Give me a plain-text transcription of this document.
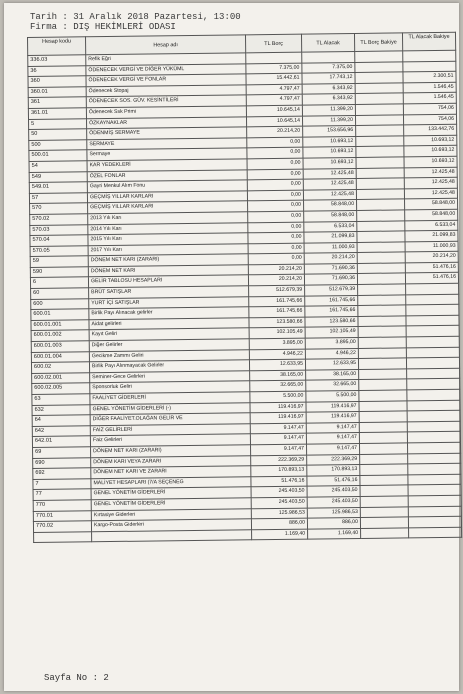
Tarih : 31 Aralık 2018 Pazartesi, 13:00
Firma : DIŞ HEKİMLERİ ODASI
Hesap kodu	Hesap adı	TL Borç	TL Alacak	TL Borç Bakiye	TL Alacak Bakiye
336.03	Refik Eğri				
36	ÖDENECEK VERGİ VE DİĞER YÜKÜML	7.375,00	7.375,00		
360	ÖDENECEK VERGİ VE FONLAR	15.442,61	17.743,12		2.300,51
360.01	Ödenecek Stopaj	4.797,47	6.343,92		1.546,45
361	ÖDENECEK SOS. GÜV. KESİNTİLERİ	4.797,47	6.343,92		1.546,45
361.01	Ödenecek Ssk Primi	10.645,14	11.399,20		754,06
5	ÖZKAYNAKLAR	10.645,14	11.399,20		754,06
50	ÖDENMİŞ SERMAYE	20.214,20	153.656,96		133.442,76
500	SERMAYE	0,00	10.693,12		10.693,12
500.01	Sermaye	0,00	10.693,12		10.693,12
54	KAR YEDEKLERİ	0,00	10.693,12		10.693,12
549	ÖZEL FONLAR	0,00	12.425,48		12.425,48
549.01	Gayri Menkul Alım Fonu	0,00	12.425,48		12.425,48
57	GEÇMİŞ YILLAR KARLARI	0,00	12.425,48		12.425,48
570	GEÇMİŞ YILLAR KARLARI	0,00	58.848,00		58.848,00
570.02	2013 Yılı Karı	0,00	58.848,00		58.848,00
570.03	2014 Yılı Karı	0,00	6.533,04		6.533,04
570.04	2015 Yılı Karı	0,00	21.099,83		21.099,83
570.05	2017 Yılı Karı	0,00	11.000,93		11.000,93
59	DÖNEM NET KARI (ZARARI)	0,00	20.214,20		20.214,20
590	DÖNEM NET KARI	20.214,20	71.690,36		51.476,16
6	GELİR TABLOSU HESAPLARI	20.214,20	71.690,36		51.476,16
60	BRÜT SATIŞLAR	512.679,39	512.679,39		
600	YURT İÇİ SATIŞLAR	161.745,66	161.745,66		
600.01	Birlik Payı Alınacak gelirler	161.745,66	161.745,66		
600.01.001	Aidat gelirleri	123.580,66	123.580,66		
600.01.002	Kayıt Geliri	102.105,49	102.105,49		
600.01.003	Diğer Gelirler	3.895,00	3.895,00		
600.01.004	Gecikme Zammı Geliri	4.946,22	4.946,22		
600.02	Birlik Payı Alınmayacak Gelirler	12.633,95	12.633,95		
600.02.001	Seminer-Gece Gelirleri	38.165,00	38.165,00		
600.02.005	Sponsorluk Geliri	32.665,00	32.665,00		
63	FAALİYET GİDERLERİ	5.500,00	5.500,00		
632	GENEL YÖNETİM GİDERLERİ (-)	119.416,97	119.416,97		
64	DİĞER FAALİYET.OLAĞAN GELİR VE	119.416,97	119.416,97		
642	FAİZ GELİRLERİ	9.147,47	9.147,47		
642.01	Faiz Gelirleri	9.147,47	9.147,47		
69	DÖNEM NET KARI (ZARARI)	9.147,47	9.147,47		
690	DÖNEM KARI VEYA ZARARI	222.369,29	222.369,29		
692	DÖNEM NET KARI VE ZARARI	170.893,13	170.893,13		
7	MALİYET HESAPLARI (7/A SEÇENEG	51.476,16	51.476,16		
77	GENEL YÖNETİM GİDERLERİ	245.403,50	245.403,50		
770	GENEL YÖNETİM GİDERLERİ	245.403,50	245.403,50		
770.01	Kırtasiye Giderleri	125.986,53	125.986,53		
770.02	Kargo-Posta Giderleri	886,00	886,00		
		1.169,40	1.169,40		
Sayfa No : 2
